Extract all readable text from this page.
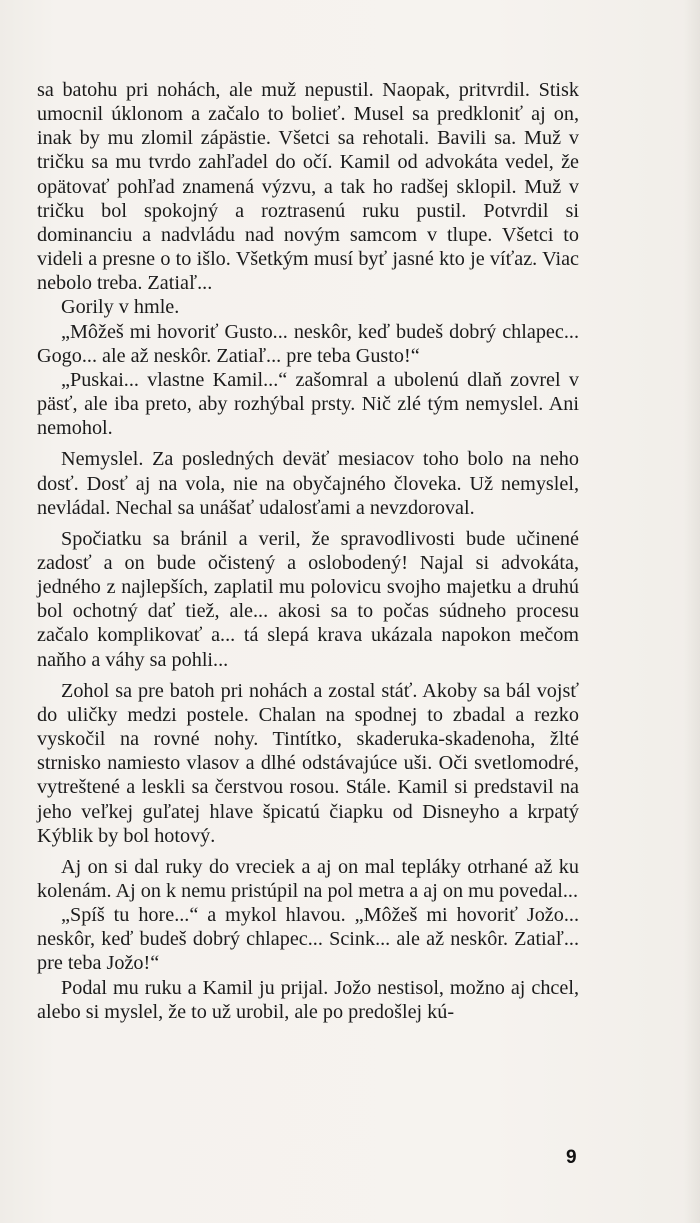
sa batohu pri nohách, ale muž nepustil. Naopak, pritvrdil. Stisk umocnil úklonom a začalo to bolieť. Musel sa predkloniť aj on, inak by mu zlomil zápästie. Všetci sa rehotali. Bavili sa. Muž v tričku sa mu tvrdo zahľadel do očí. Kamil od advokáta vedel, že opätovať pohľad znamená výzvu, a tak ho radšej sklopil. Muž v tričku bol spokojný a roztrasenú ruku pustil. Potvrdil si dominanciu a nadvládu nad novým samcom v tlupe. Všetci to videli a presne o to išlo. Všetkým musí byť jasné kto je víťaz. Viac nebolo treba. Zatiaľ...

Gorily v hmle.

„Môžeš mi hovoriť Gusto... neskôr, keď budeš dobrý chlapec... Gogo... ale až neskôr. Zatiaľ... pre teba Gusto!“

„Puskai... vlastne Kamil...“ zašomral a ubolenú dlaň zovrel v päsť, ale iba preto, aby rozhýbal prsty. Nič zlé tým nemyslel. Ani nemohol.

Nemyslel. Za posledných deväť mesiacov toho bolo na neho dosť. Dosť aj na vola, nie na obyčajného človeka. Už nemyslel, nevládal. Nechal sa unášať udalosťami a nevzdoroval.

Spočiatku sa bránil a veril, že spravodlivosti bude učinené zadosť a on bude očistený a oslobodený! Najal si advokáta, jedného z najlepších, zaplatil mu polovicu svojho majetku a druhú bol ochotný dať tiež, ale... akosi sa to počas súdneho procesu začalo komplikovať a... tá slepá krava ukázala napokon mečom naňho a váhy sa pohli...

Zohol sa pre batoh pri nohách a zostal stáť. Akoby sa bál vojsť do uličky medzi postele. Chalan na spodnej to zbadal a rezko vyskočil na rovné nohy. Tintítko, skaderuka-skadenoha, žlté strnisko namiesto vlasov a dlhé odstávajúce uši. Oči svetlomodré, vytreštené a leskli sa čerstvou rosou. Stále. Kamil si predstavil na jeho veľkej guľatej hlave špicatú čiapku od Disneyho a krpatý Kýblik by bol hotový.

Aj on si dal ruky do vreciek a aj on mal tepláky otrhané až ku kolenám. Aj on k nemu pristúpil na pol metra a aj on mu povedal...

„Spíš tu hore...“ a mykol hlavou. „Môžeš mi hovoriť Jožo... neskôr, keď budeš dobrý chlapec... Scink... ale až neskôr. Zatiaľ... pre teba Jožo!“

Podal mu ruku a Kamil ju prijal. Jožo nestisol, možno aj chcel, alebo si myslel, že to už urobil, ale po predošlej kú-

9
